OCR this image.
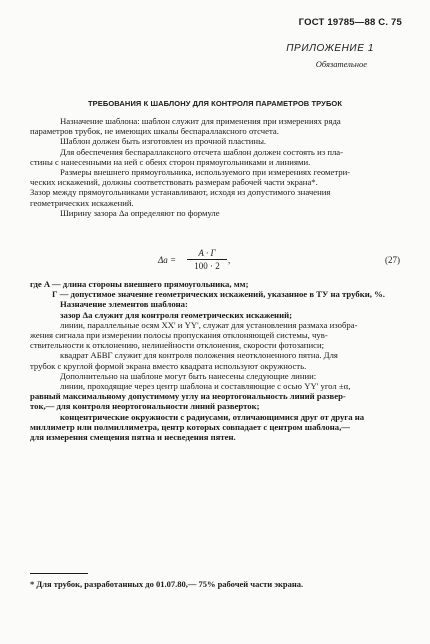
ГОСТ 19785—88 С. 75
ПРИЛОЖЕНИЕ 1
Обязательное
ТРЕБОВАНИЯ К ШАБЛОНУ ДЛЯ КОНТРОЛЯ ПАРАМЕТРОВ ТРУБОК

Назначение шаблона: шаблон служит для применения при измерениях ряда

параметров трубок, не имеющих шкалы беспараллаксного отсчета.

Шаблон должен быть изготовлен из прочной пластины.

Для обеспечения беспараллаксного отсчета шаблон должен состоять из пла-

стины с нанесенными на ней с обеих сторон прямоугольниками и линиями.

Размеры внешнего прямоугольника, используемого при измерениях геометри-

ческих искажений, должны соответствовать размерам рабочей части экрана*.

Зазор между прямоугольниками устанавливают, исходя из допустимого значения

геометрических искажений.

Ширину зазора Δa определяют по формуле

Δa =
A · Г
100 · 2
,	(27)

где A — длина стороны внешнего прямоугольника, мм;

Г — допустимое значение геометрических искажений, указанное в ТУ на трубки, %.

Назначение элементов шаблона:

зазор Δa служит для контроля геометрических искажений;

линии, параллельные осям XX' и YY', служат для установления размаха изобра-

жения сигнала при измерении полосы пропускания отклоняющей системы, чув-

ствительности к отклонению, нелинейности отклонения, скорости фотозаписи;

квадрат АБВГ служит для контроля положения неотклоненного пятна. Для

трубок с круглой формой экрана вместо квадрата используют окружность.

Дополнительно на шаблоне могут быть нанесены следующие линии:

линии, проходящие через центр шаблона и составляющие с осью YY' угол ±α,

равный максимальному допустимому углу на неортогональность линий развер-

ток,— для контроля неортогональности линий разверток;

концентрические окружности с радиусами, отличающимися друг от друга на

миллиметр или полмиллиметра, центр которых совпадает с центром шаблона,—

для измерения смещения пятна и несведения пятен.

* Для трубок, разработанных до 01.07.80,— 75% рабочей части экрана.
